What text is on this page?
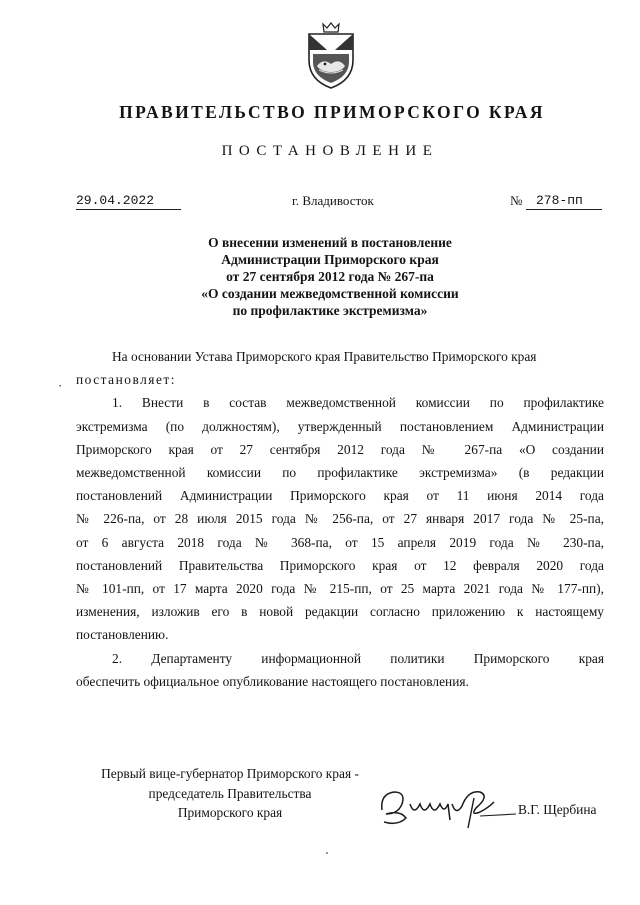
ПРАВИТЕЛЬСТВО ПРИМОРСКОГО КРАЯ
ПОСТАНОВЛЕНИЕ
29.04.2022	г. Владивосток	№	278-пп
О внесении изменений в постановление
Администрации Приморского края
от 27 сентября 2012 года № 267-па
«О создании межведомственной комиссии
по профилактике экстремизма»
·
На основании Устава Приморского края Правительство Приморского края
постановляет:
1. Внести в состав межведомственной комиссии по профилактике
экстремизма (по должностям), утвержденный постановлением Администрации
Приморского края от 27 сентября 2012 года № 267-па «О создании
межведомственной комиссии по профилактике экстремизма» (в редакции
постановлений Администрации Приморского края от 11 июня 2014 года
№ 226-па, от 28 июля 2015 года № 256-па, от 27 января 2017 года № 25-па,
от 6 августа 2018 года № 368-па, от 15 апреля 2019 года № 230-па,
постановлений Правительства Приморского края от 12 февраля 2020 года
№ 101-пп, от 17 марта 2020 года № 215-пп, от 25 марта 2021 года № 177-пп),
изменения, изложив его в новой редакции согласно приложению к настоящему
постановлению.
2. Департаменту информационной политики Приморского края
обеспечить официальное опубликование настоящего постановления.
Первый вице-губернатор Приморского края -
председатель Правительства
Приморского края	В.Г. Щербина
